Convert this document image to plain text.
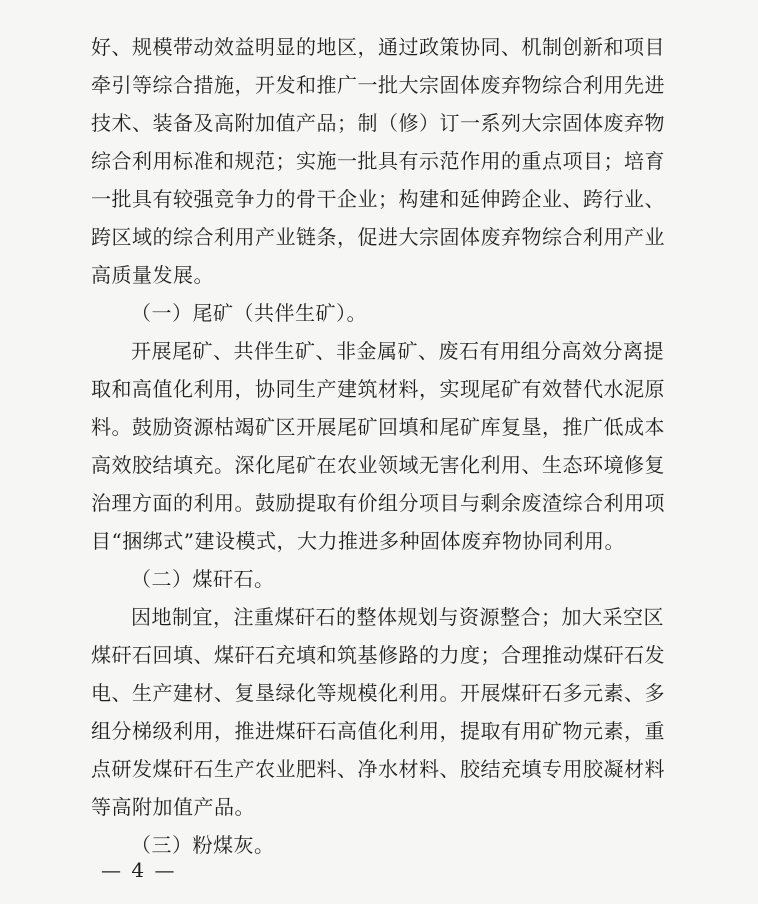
好、规模带动效益明显的地区，通过政策协同、机制创新和项目
牵引等综合措施，开发和推广一批大宗固体废弃物综合利用先进
技术、装备及高附加值产品；制（修）订一系列大宗固体废弃物
综合利用标准和规范；实施一批具有示范作用的重点项目；培育
一批具有较强竞争力的骨干企业；构建和延伸跨企业、跨行业、
跨区域的综合利用产业链条，促进大宗固体废弃物综合利用产业
高质量发展。
（一）尾矿（共伴生矿）。
开展尾矿、共伴生矿、非金属矿、废石有用组分高效分离提
取和高值化利用，协同生产建筑材料，实现尾矿有效替代水泥原
料。鼓励资源枯竭矿区开展尾矿回填和尾矿库复垦，推广低成本
高效胶结填充。深化尾矿在农业领域无害化利用、生态环境修复
治理方面的利用。鼓励提取有价组分项目与剩余废渣综合利用项
目“捆绑式”建设模式，大力推进多种固体废弃物协同利用。
（二）煤矸石。
因地制宜，注重煤矸石的整体规划与资源整合；加大采空区
煤矸石回填、煤矸石充填和筑基修路的力度；合理推动煤矸石发
电、生产建材、复垦绿化等规模化利用。开展煤矸石多元素、多
组分梯级利用，推进煤矸石高值化利用，提取有用矿物元素，重
点研发煤矸石生产农业肥料、净水材料、胶结充填专用胶凝材料
等高附加值产品。
（三）粉煤灰。
— 4 —
